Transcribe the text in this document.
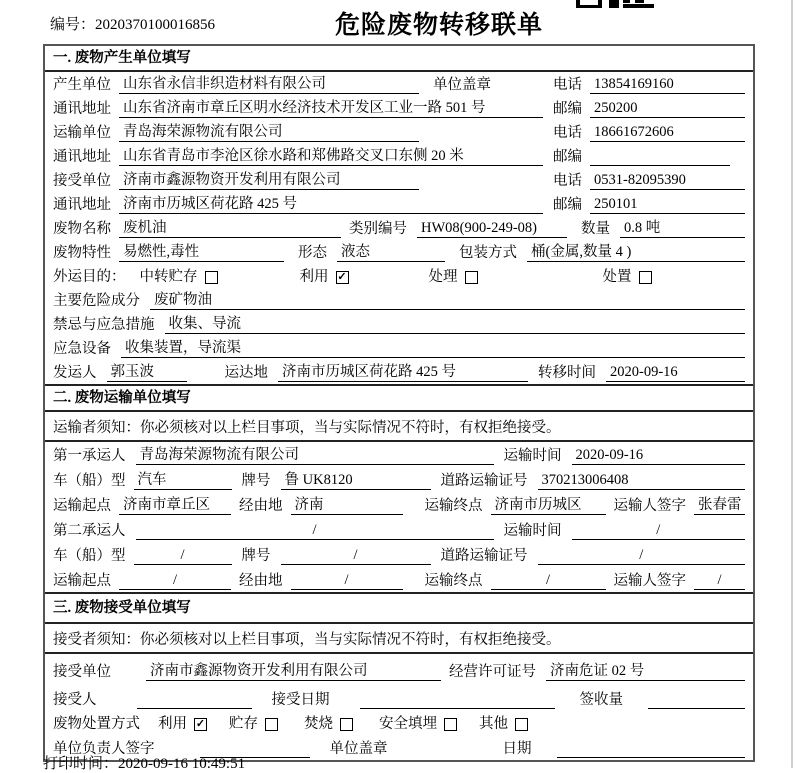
编号：2020370100016856	危险废物转移联单
一. 废物产生单位填写
产生单位 山东省永信非织造材料有限公司	单位盖章	电话 13854169160
通讯地址 山东省济南市章丘区明水经济技术开发区工业一路 501 号	邮编 250200
运输单位 青岛海荣源物流有限公司	电话 18661672606
通讯地址 山东省青岛市李沧区徐水路和郑佛路交叉口东侧 20 米	邮编
接受单位 济南市鑫源物资开发利用有限公司	电话 0531-82095390
通讯地址 济南市历城区荷花路 425 号	邮编 250101
废物名称 废机油	类别编号 HW08(900-249-08)	数量 0.8 吨
废物特性 易燃性,毒性	形态 液态	包装方式 桶(金属,数量 4 )
外运目的： 中转贮存	利用 ✓	处理	处置
主要危险成分 废矿物油
禁忌与应急措施 收集、导流
应急设备 收集装置，导流渠
发运人 郭玉波	运达地 济南市历城区荷花路 425 号	转移时间 2020-09-16
二. 废物运输单位填写
运输者须知：你必须核对以上栏目事项，当与实际情况不符时，有权拒绝接受。
第一承运人 青岛海荣源物流有限公司	运输时间 2020-09-16
车（船）型 汽车	牌号 鲁 UK8120	道路运输证号 370213006408
运输起点 济南市章丘区	经由地 济南	运输终点 济南市历城区	运输人签字 张春雷
第二承运人	/	运输时间	/
车（船）型	/	牌号	/	道路运输证号	/
运输起点	/	经由地	/	运输终点	/	运输人签字	/
三. 废物接受单位填写
接受者须知：你必须核对以上栏目事项，当与实际情况不符时，有权拒绝接受。
接受单位	济南市鑫源物资开发利用有限公司	经营许可证号 济南危证 02 号
接受人	接受日期	签收量
废物处置方式 利用 ✓ 贮存	焚烧	安全填埋	其他
单位负责人签字	单位盖章	日期
打印时间：2020-09-16 10:49:51
